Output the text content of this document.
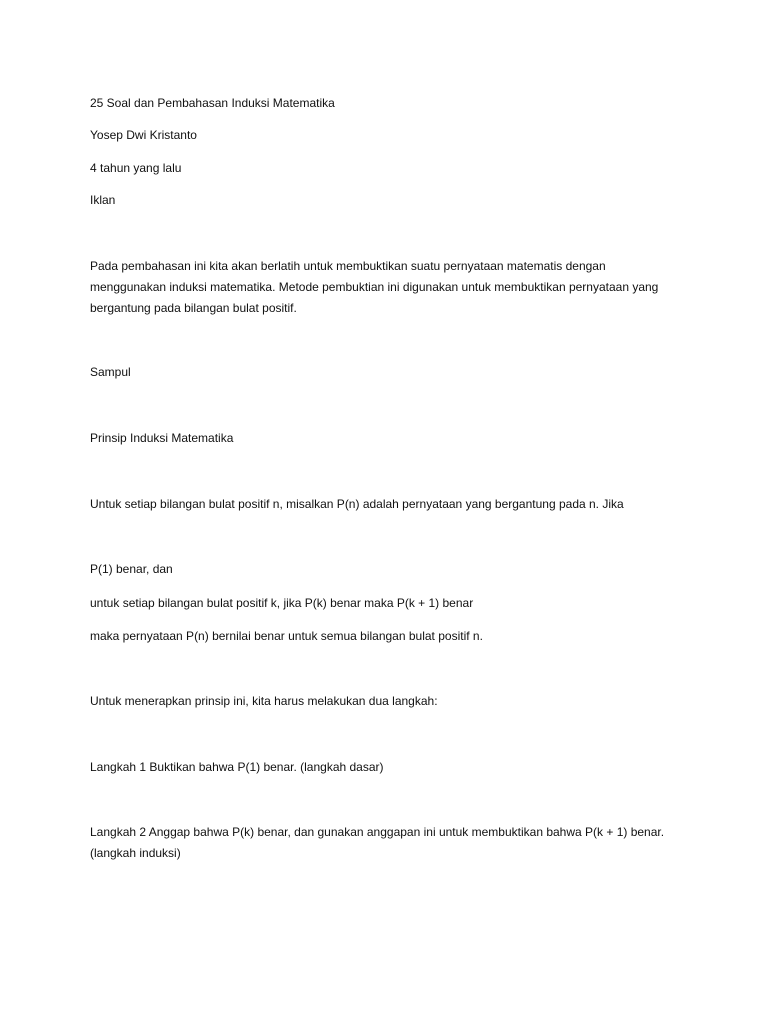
25 Soal dan Pembahasan Induksi Matematika

Yosep Dwi Kristanto

4 tahun yang lalu

Iklan

Pada pembahasan ini kita akan berlatih untuk membuktikan suatu pernyataan matematis dengan menggunakan induksi matematika. Metode pembuktian ini digunakan untuk membuktikan pernyataan yang bergantung pada bilangan bulat positif.

Sampul

Prinsip Induksi Matematika

Untuk setiap bilangan bulat positif n, misalkan P(n) adalah pernyataan yang bergantung pada n. Jika

P(1) benar, dan

untuk setiap bilangan bulat positif k, jika P(k) benar maka P(k + 1) benar

maka pernyataan P(n) bernilai benar untuk semua bilangan bulat positif n.

Untuk menerapkan prinsip ini, kita harus melakukan dua langkah:

Langkah 1 Buktikan bahwa P(1) benar. (langkah dasar)

Langkah 2 Anggap bahwa P(k) benar, dan gunakan anggapan ini untuk membuktikan bahwa P(k + 1) benar. (langkah induksi)
